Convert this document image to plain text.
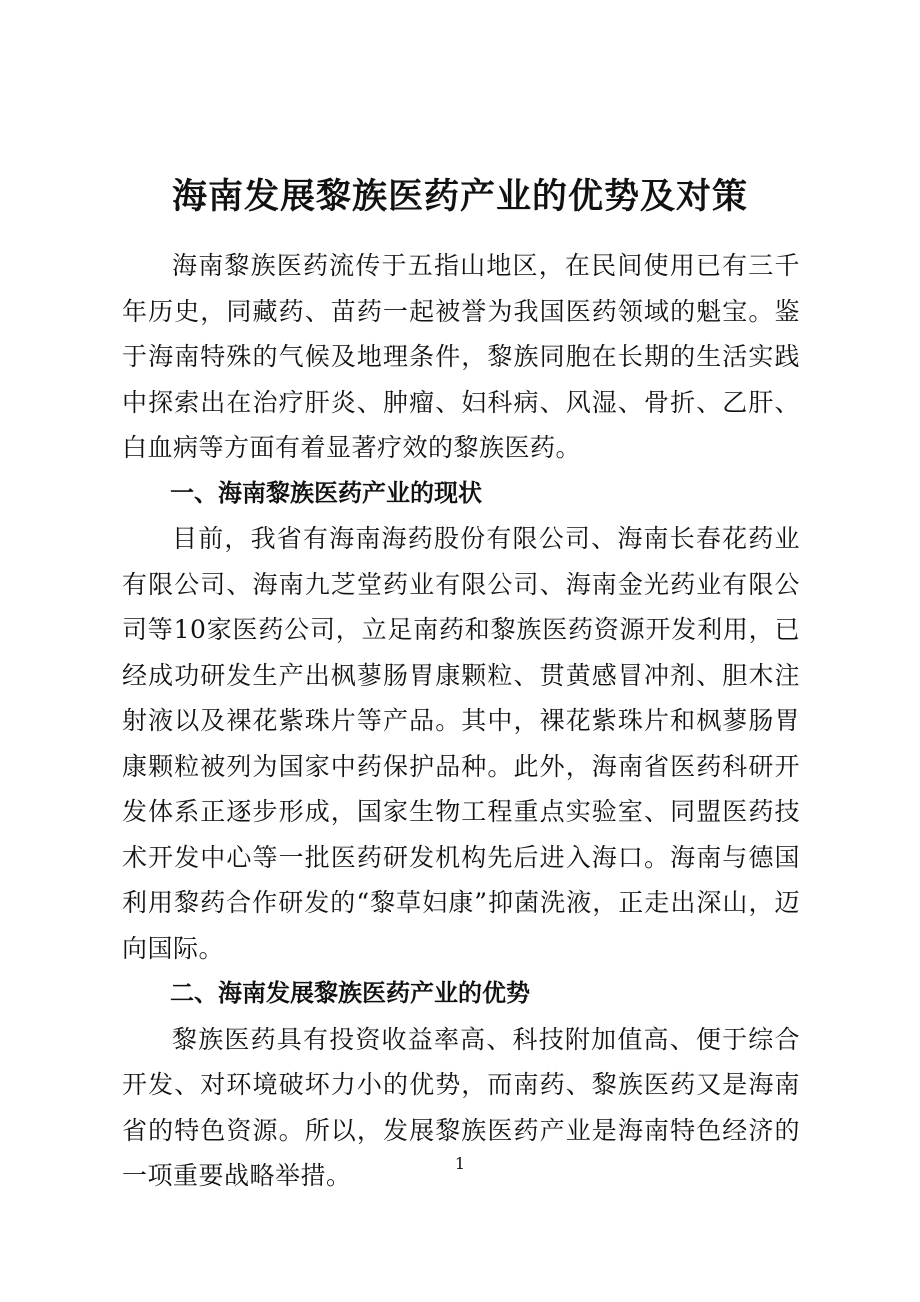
海南发展黎族医药产业的优势及对策

海南黎族医药流传于五指山地区，在民间使用已有三千年历史，同藏药、苗药一起被誉为我国医药领域的魁宝。鉴于海南特殊的气候及地理条件，黎族同胞在长期的生活实践中探索出在治疗肝炎、肿瘤、妇科病、风湿、骨折、乙肝、白血病等方面有着显著疗效的黎族医药。

一、海南黎族医药产业的现状

目前，我省有海南海药股份有限公司、海南长春花药业有限公司、海南九芝堂药业有限公司、海南金光药业有限公司等10家医药公司，立足南药和黎族医药资源开发利用，已经成功研发生产出枫蓼肠胃康颗粒、贯黄感冒冲剂、胆木注射液以及裸花紫珠片等产品。其中，裸花紫珠片和枫蓼肠胃康颗粒被列为国家中药保护品种。此外，海南省医药科研开发体系正逐步形成，国家生物工程重点实验室、同盟医药技术开发中心等一批医药研发机构先后进入海口。海南与德国利用黎药合作研发的“黎草妇康”抑菌洗液，正走出深山，迈向国际。

二、海南发展黎族医药产业的优势

黎族医药具有投资收益率高、科技附加值高、便于综合开发、对环境破坏力小的优势，而南药、黎族医药又是海南省的特色资源。所以，发展黎族医药产业是海南特色经济的一项重要战略举措。	1
